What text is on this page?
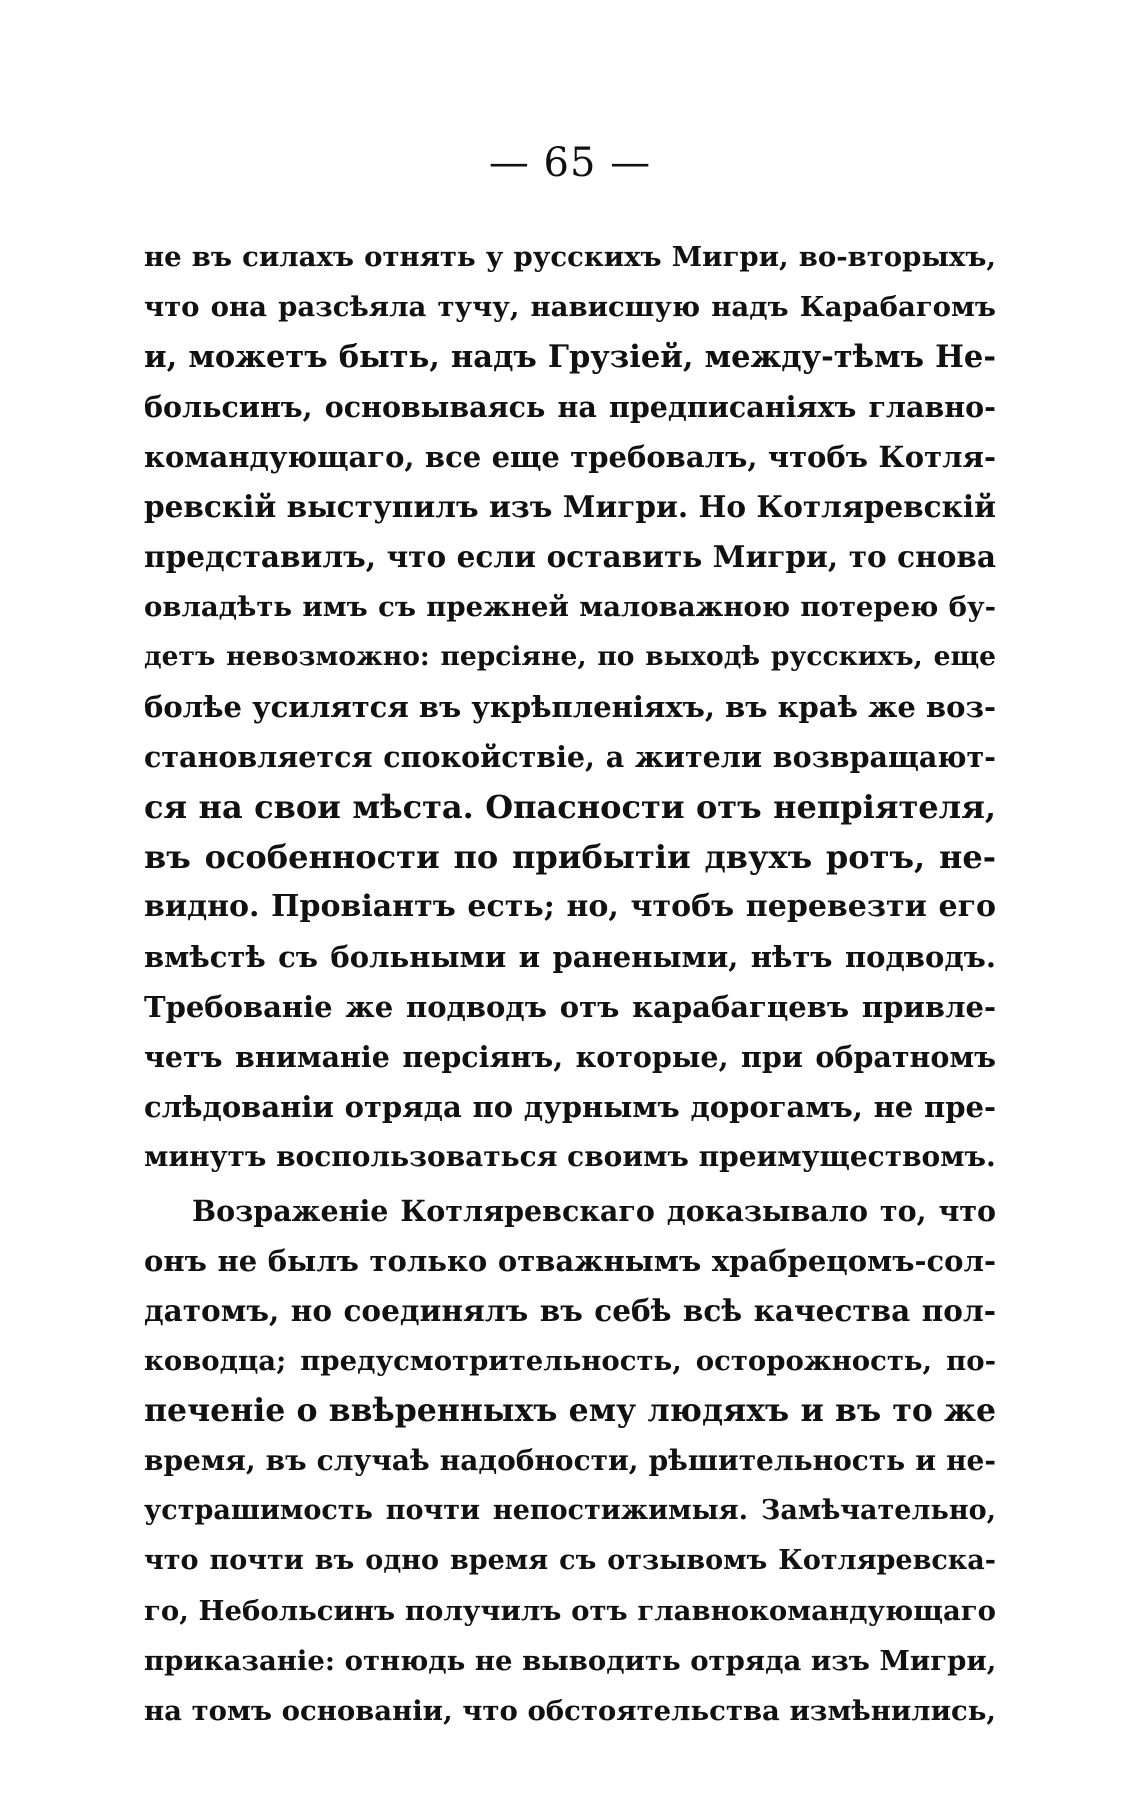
— 65 —
не въ силахъ отнять у русскихъ Мигри, во-вторыхъ,
что она разсѣяла тучу, нависшую надъ Карабагомъ
и, можетъ быть, надъ Грузіей, между-тѣмъ Не-
больсинъ, основываясь на предписаніяхъ главно-
командующаго, все еще требовалъ, чтобъ Котля-
ревскій выступилъ изъ Мигри. Но Котляревскій
представилъ, что если оставить Мигри, то снова
овладѣть имъ съ прежней маловажною потерею бу-
детъ невозможно: персіяне, по выходѣ русскихъ, еще
болѣе усилятся въ укрѣпленіяхъ, въ краѣ же воз-
становляется спокойствіе, а жители возвращают-
ся на свои мѣста. Опасности отъ непріятеля,
въ особенности по прибытіи двухъ ротъ, не-
видно. Провіантъ есть; но, чтобъ перевезти его
вмѣстѣ съ больными и ранеными, нѣтъ подводъ.
Требованіе же подводъ отъ карабагцевъ привле-
четъ вниманіе персіянъ, которые, при обратномъ
слѣдованіи отряда по дурнымъ дорогамъ, не пре-
минутъ воспользоваться своимъ преимуществомъ.
Возраженіе Котляревскаго доказывало то, что
онъ не былъ только отважнымъ храбрецомъ-сол-
датомъ, но соединялъ въ себѣ всѣ качества пол-
ководца; предусмотрительность, осторожность, по-
печеніе о ввѣренныхъ ему людяхъ и въ то же
время, въ случаѣ надобности, рѣшительность и не-
устрашимость почти непостижимыя. Замѣчательно,
что почти въ одно время съ отзывомъ Котляревска-
го, Небольсинъ получилъ отъ главнокомандующаго
приказаніе: отнюдь не выводить отряда изъ Мигри,
на томъ основаніи, что обстоятельства измѣнились,
